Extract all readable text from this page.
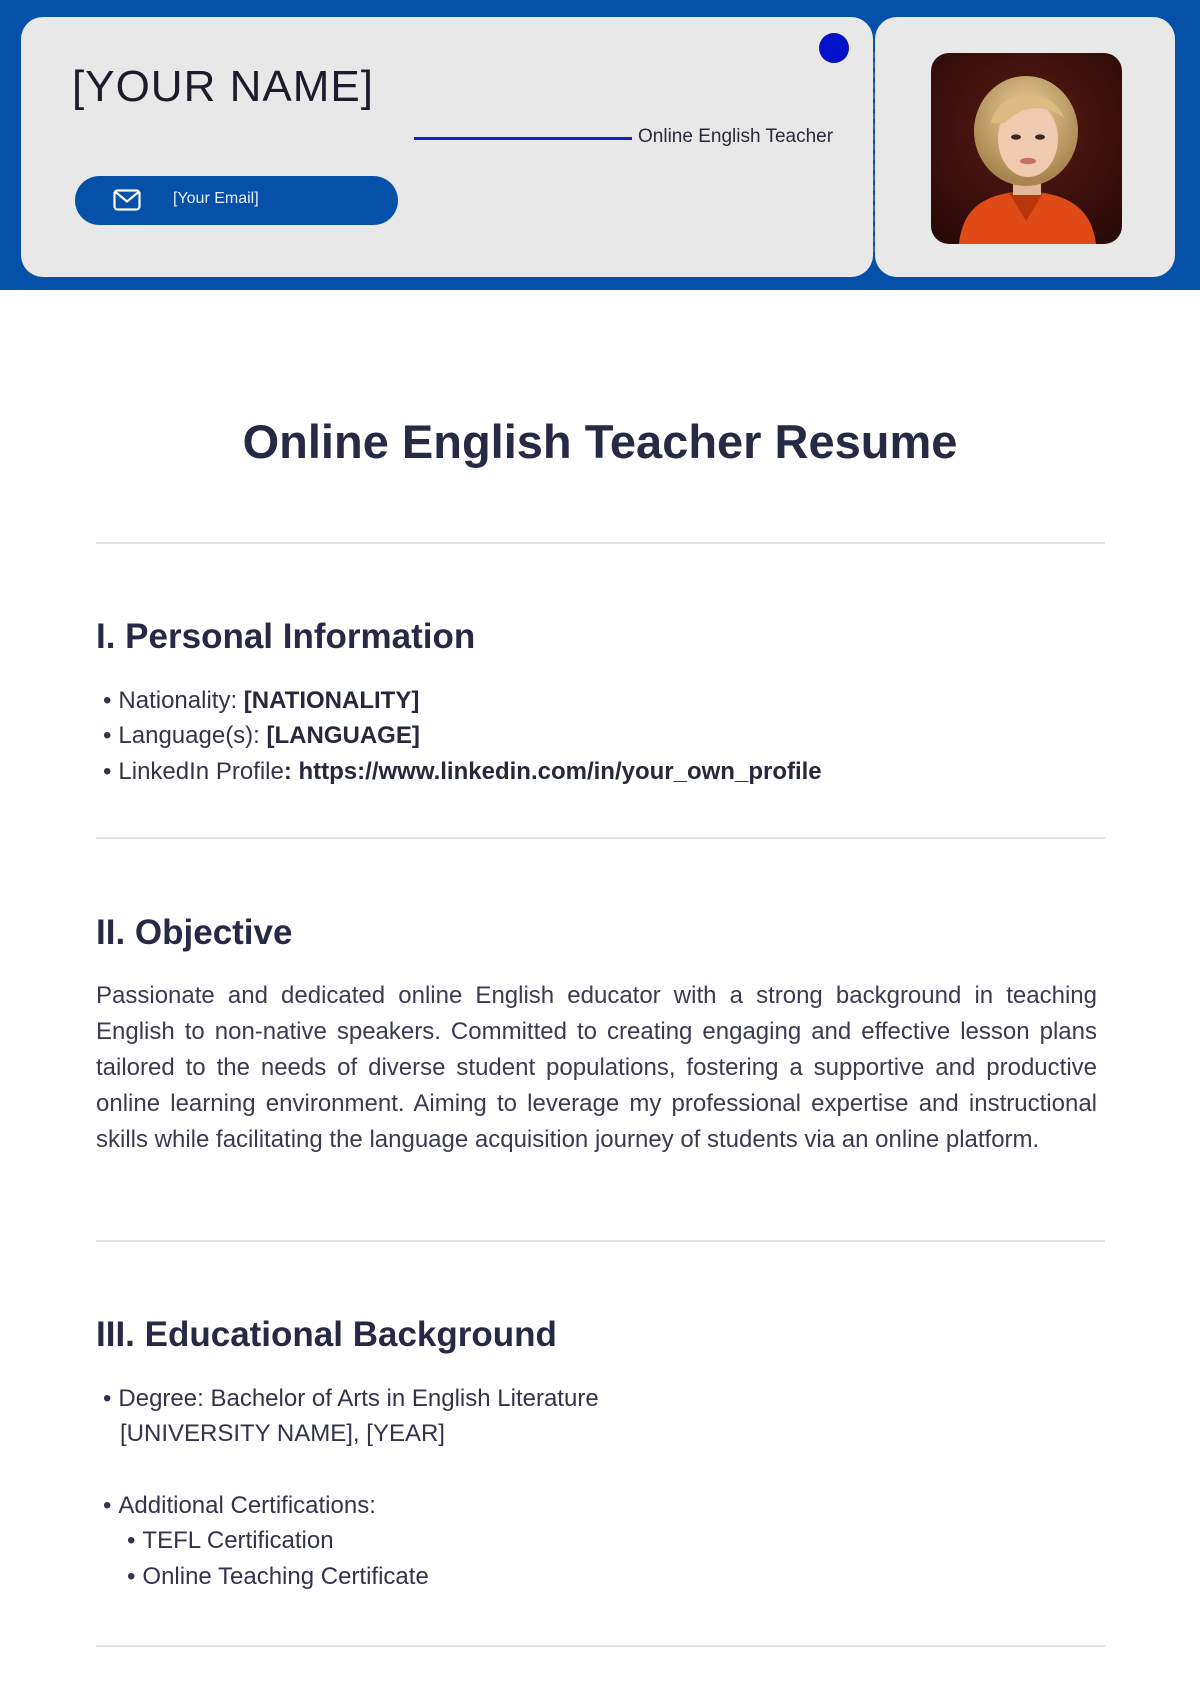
[YOUR NAME]
Online English Teacher
[Your Email]
Online English Teacher Resume
I. Personal Information
• Nationality: [NATIONALITY]
• Language(s): [LANGUAGE]
• LinkedIn Profile: https://www.linkedin.com/in/your_own_profile
II. Objective

Passionate and dedicated online English educator with a strong background in teaching English to non-native speakers. Committed to creating engaging and effective lesson plans tailored to the needs of diverse student populations, fostering a supportive and productive online learning environment. Aiming to leverage my professional expertise and instructional skills while facilitating the language acquisition journey of students via an online platform.

III. Educational Background
• Degree: Bachelor of Arts in English Literature
[UNIVERSITY NAME], [YEAR]
• Additional Certifications:
• TEFL Certification
• Online Teaching Certificate
